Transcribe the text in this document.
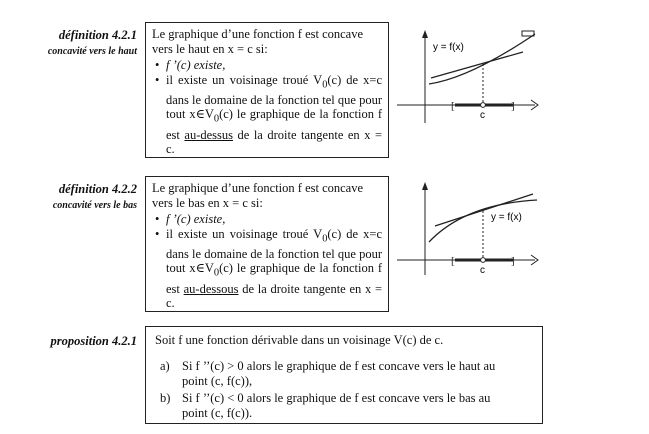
définition 4.2.1
concavité vers le haut

Le graphique d’une fonction f est concave vers le haut en x = c si:

• f ’(c) existe,
• il existe un voisinage troué $V_0(c)$ de x=c dans le domaine de la fonction tel que pour tout $x\in V_0(c)$ le graphique de la fonction f est au-dessus de la droite tangente en x = c.
[	]
y = f(x)
c
définition 4.2.2
concavité vers le bas

Le graphique d’une fonction f est concave vers le bas en x = c si:

• f ’(c) existe,
• il existe un voisinage troué $V_0(c)$ de x=c dans le domaine de la fonction tel que pour tout $x\in V_0(c)$ le graphique de la fonction f est au-dessous de la droite tangente en x = c.
[	]
y = f(x)
c
proposition 4.2.1 Soit f une fonction dérivable dans un voisinage V(c) de c.
a) Si f ’’(c) > 0 alors le graphique de f est concave vers le haut au point (c, f(c)),
b) Si f ’’(c) < 0 alors le graphique de f est concave vers le bas au point (c, f(c)).
